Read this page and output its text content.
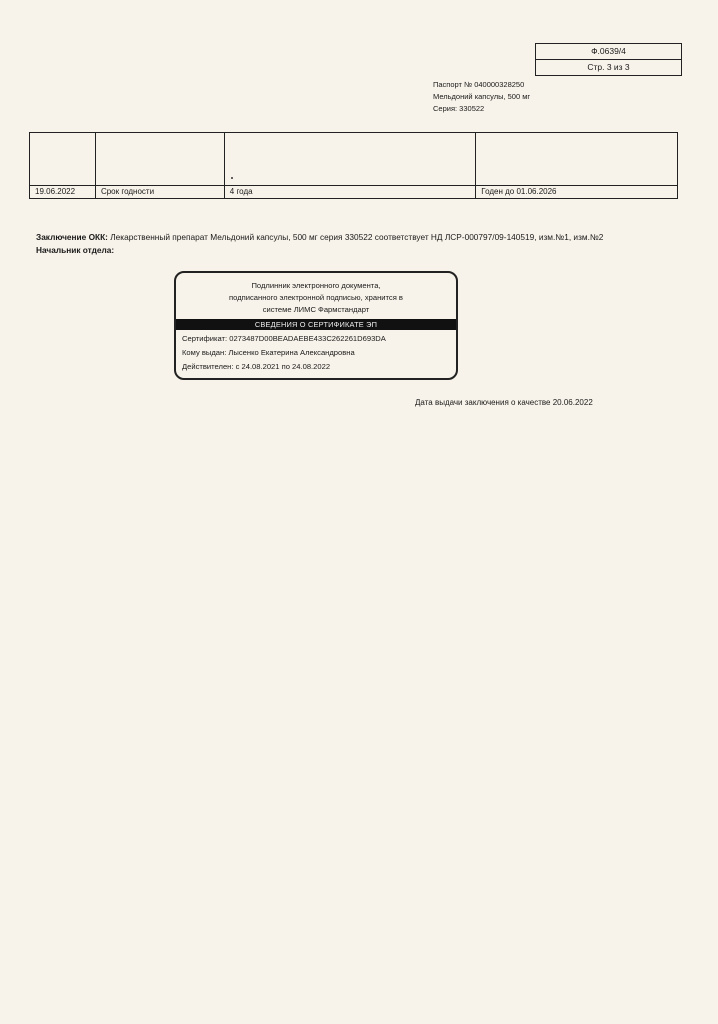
Ф.0639/4
Стр. 3 из 3
Паспорт № 040000328250
Мельдоний капсулы, 500 мг
Серия: 330522

19.06.2022	Срок годности	4 года	Годен до 01.06.2026
Заключение ОКК: Лекарственный препарат Мельдоний капсулы, 500 мг серия 330522 соответствует НД ЛСР-000797/09-140519, изм.№1, изм.№2
Начальник отдела:
Подлинник электронного документа,
подписанного электронной подписью, хранится в
системе ЛИМС Фармстандарт
СВЕДЕНИЯ О СЕРТИФИКАТЕ ЭП
Сертификат: 0273487D00BEADAEBE433C262261D693DA
Кому выдан: Лысенко Екатерина Александровна
Действителен: с 24.08.2021 по 24.08.2022
Дата выдачи заключения о качестве 20.06.2022
